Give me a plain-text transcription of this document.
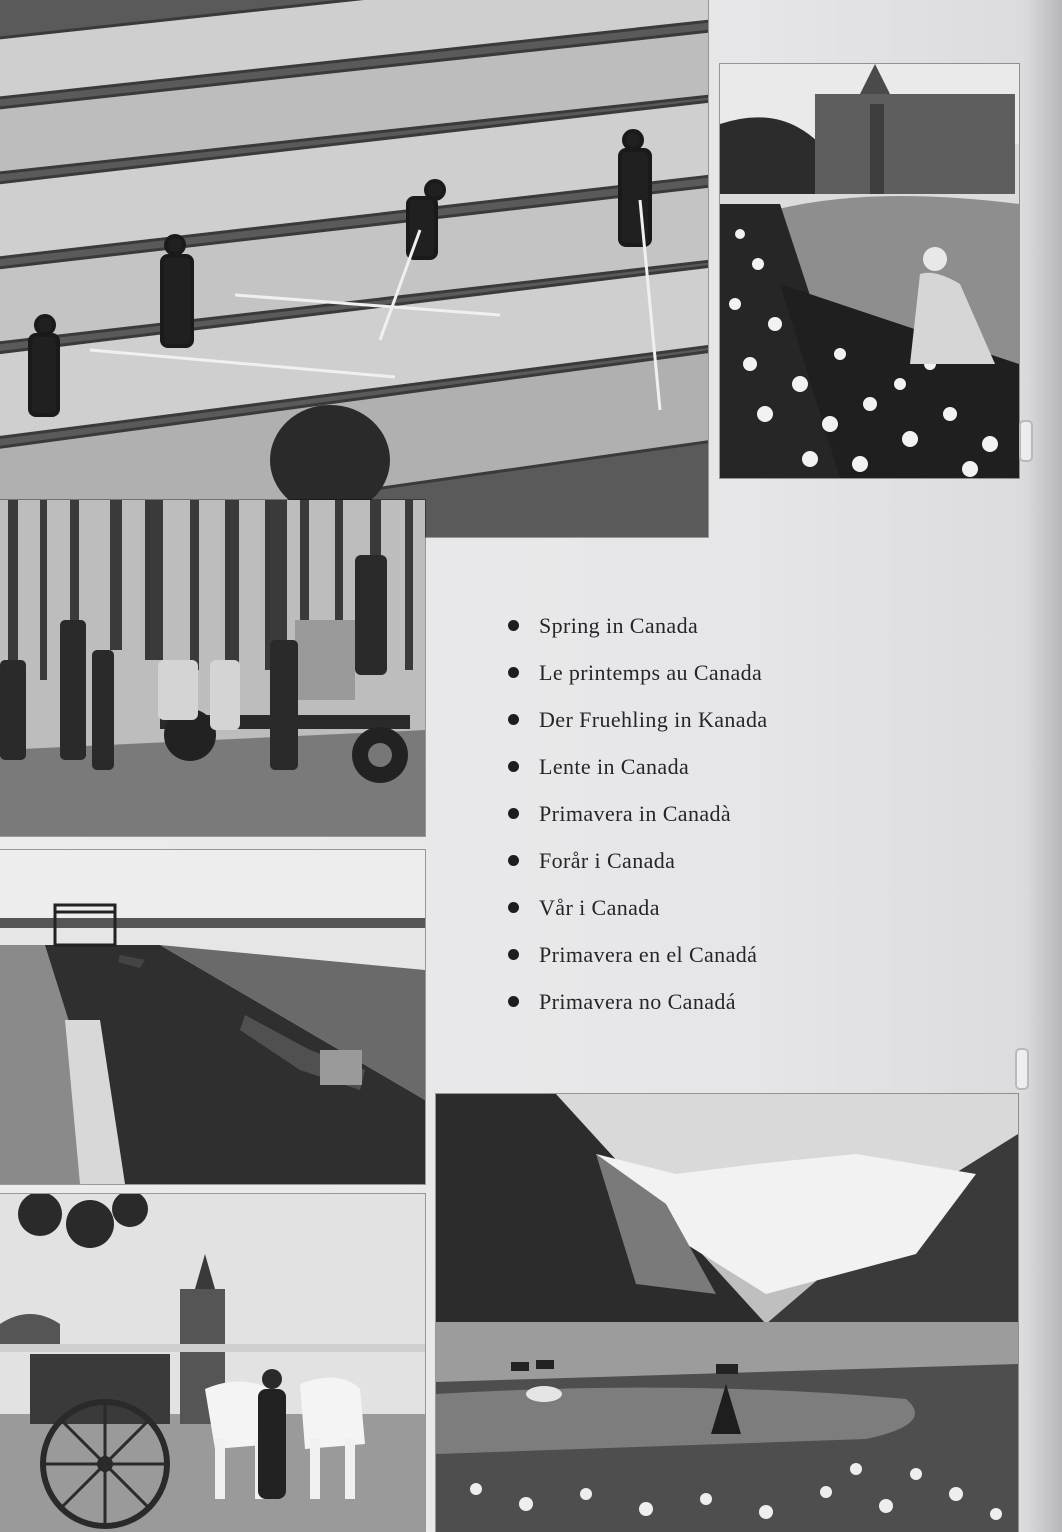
Spring in Canada
Le printemps au Canada
Der Fruehling in Kanada
Lente in Canada
Primavera in Canadà
Forår i Canada
Vår i Canada
Primavera en el Canadá
Primavera no Canadá
